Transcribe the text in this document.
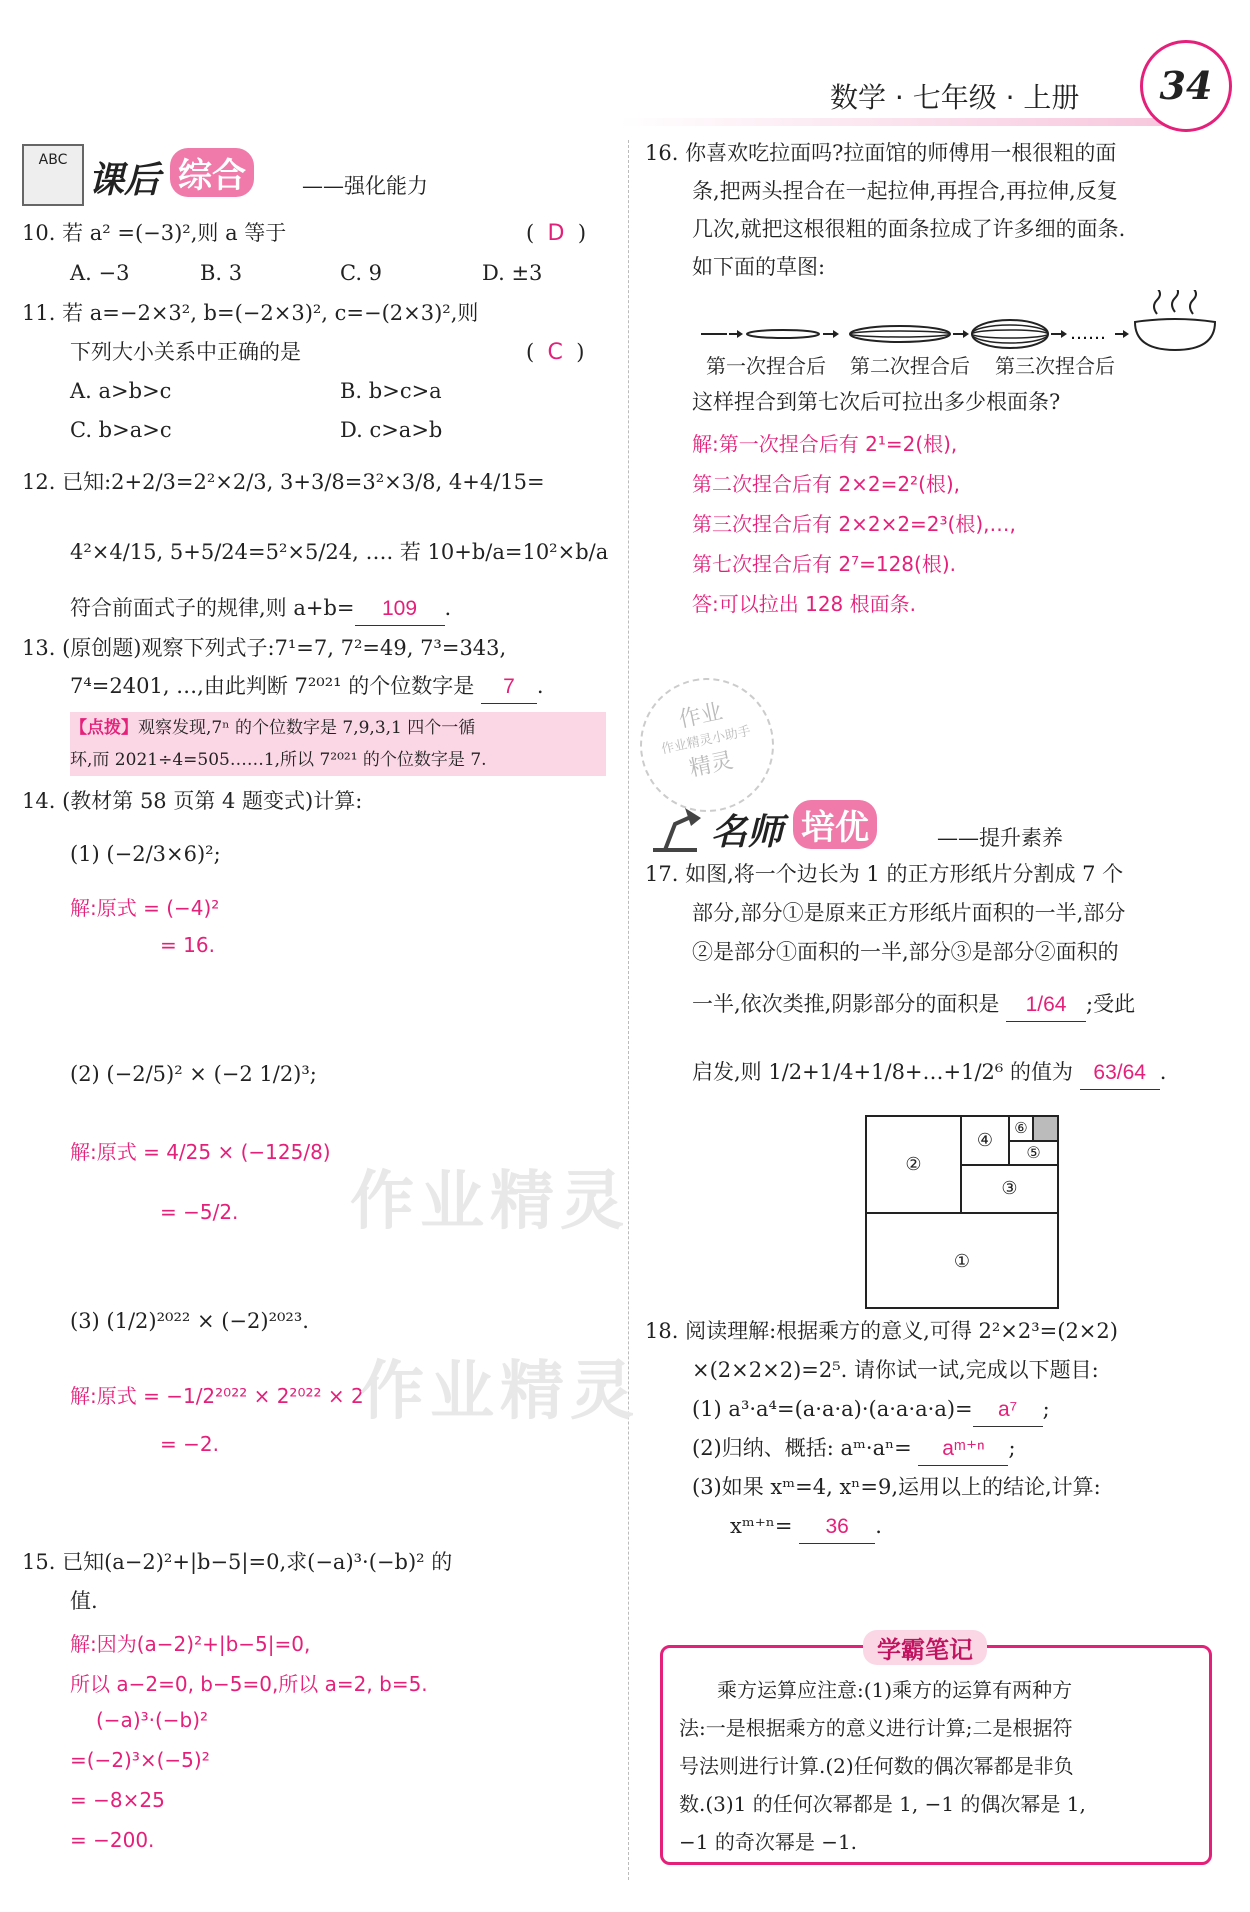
数学 · 七年级 · 上册	34
ABC 课后 综合	——强化能力
10. 若 a² =(−3)²,则 a 等于	(  D  )
A. −3	B. 3	C. 9	D. ±3
11. 若 a=−2×3², b=(−2×3)², c=−(2×3)²,则
下列大小关系中正确的是	(  C  )
A. a>b>c	B. b>c>a
C. b>a>c	D. c>a>b
12. 已知:2+2/3=2²×2/3, 3+3/8=3²×3/8, 4+4/15=
4²×4/15, 5+5/24=5²×5/24, …. 若 10+b/a=10²×b/a
符合前面式子的规律,则 a+b= 109 .
13. (原创题)观察下列式子:7¹=7, 7²=49, 7³=343,
7⁴=2401, …,由此判断 7²⁰²¹ 的个位数字是 7 .
【点拨】观察发现,7ⁿ 的个位数字是 7,9,3,1 四个一循
环,而 2021÷4=505……1,所以 7²⁰²¹ 的个位数字是 7.
14. (教材第 58 页第 4 题变式)计算:
(1) (−2/3×6)²;
解:原式 = (−4)²
= 16.
(2) (−2/5)² × (−2 1/2)³;
解:原式 = 4/25 × (−125/8)
= −5/2.
(3) (1/2)²⁰²² × (−2)²⁰²³.
解:原式 = −1/2²⁰²² × 2²⁰²² × 2
= −2.
作业精灵
作业精灵
15. 已知(a−2)²+|b−5|=0,求(−a)³·(−b)² 的
值.
解:因为(a−2)²+|b−5|=0,
所以 a−2=0, b−5=0,所以 a=2, b=5.
(−a)³·(−b)²
=(−2)³×(−5)²
= −8×25
= −200.
16. 你喜欢吃拉面吗?拉面馆的师傅用一根很粗的面
条,把两头捏合在一起拉伸,再捏合,再拉伸,反复
几次,就把这根很粗的面条拉成了许多细的面条.
如下面的草图:
……
第一次捏合后 第二次捏合后 第三次捏合后
这样捏合到第七次后可拉出多少根面条?
解:第一次捏合后有 2¹=2(根),
第二次捏合后有 2×2=2²(根),
第三次捏合后有 2×2×2=2³(根),…,
第七次捏合后有 2⁷=128(根).
答:可以拉出 128 根面条.
作业
作业精灵小助手
精灵
名师 培优	——提升素养
17. 如图,将一个边长为 1 的正方形纸片分割成 7 个
部分,部分①是原来正方形纸片面积的一半,部分
②是部分①面积的一半,部分③是部分②面积的
一半,依次类推,阴影部分的面积是 1/64 ;受此
启发,则 1/2+1/4+1/8+…+1/2⁶ 的值为 63/64 .
①
②
③
④
⑤
⑥
18. 阅读理解:根据乘方的意义,可得 2²×2³=(2×2)
×(2×2×2)=2⁵. 请你试一试,完成以下题目:
(1) a³·a⁴=(a·a·a)·(a·a·a·a)= a⁷ ;
(2)归纳、概括: aᵐ·aⁿ= aᵐ⁺ⁿ ;
(3)如果 xᵐ=4, xⁿ=9,运用以上的结论,计算:
xᵐ⁺ⁿ= 36 .
学霸笔记
乘方运算应注意:(1)乘方的运算有两种方
法:一是根据乘方的意义进行计算;二是根据符
号法则进行计算.(2)任何数的偶次幂都是非负
数.(3)1 的任何次幂都是 1, −1 的偶次幂是 1,
−1 的奇次幂是 −1.
